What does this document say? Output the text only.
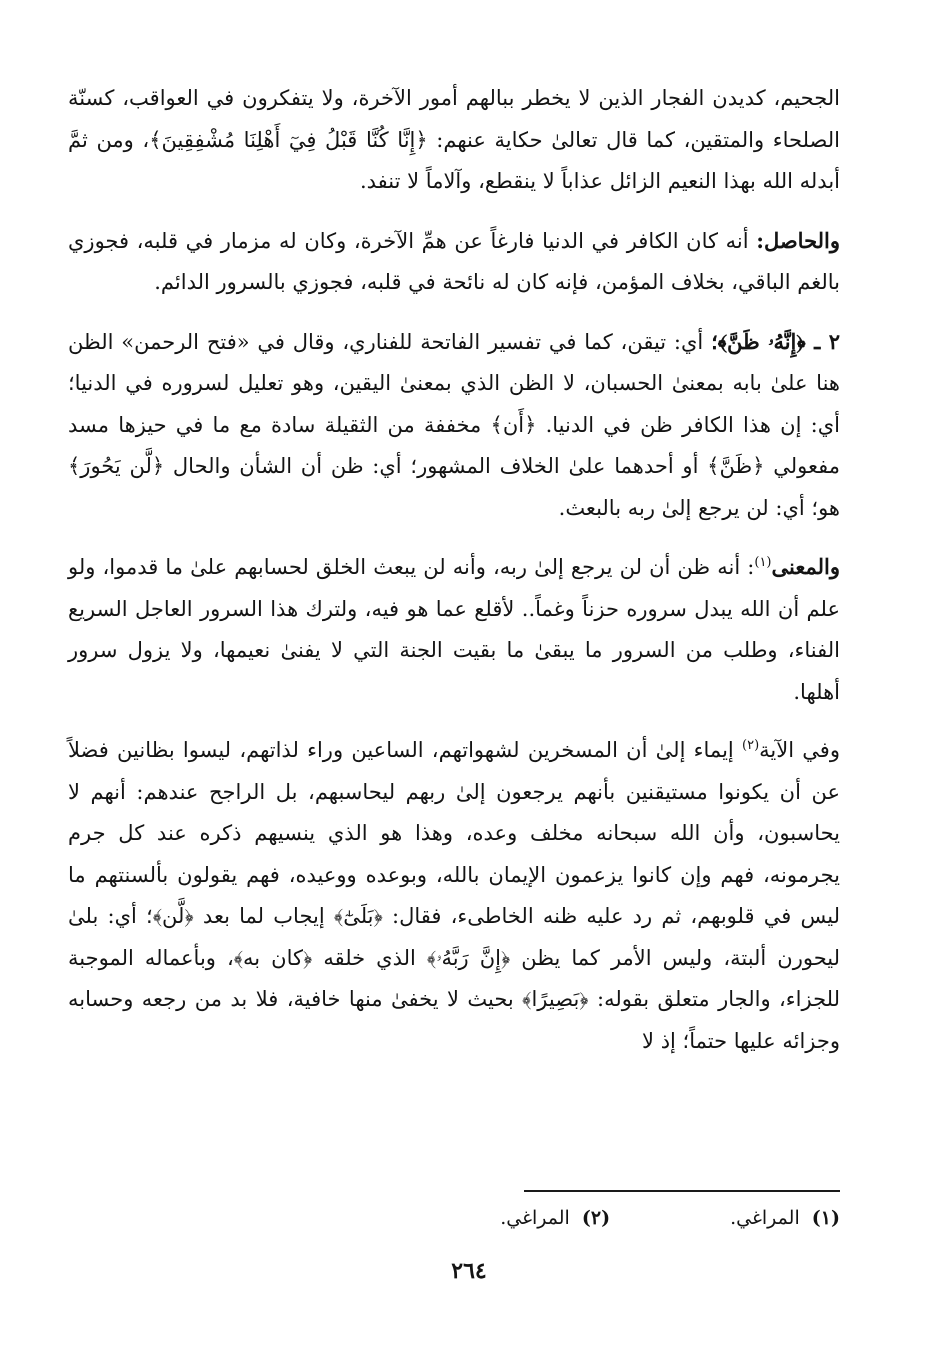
الجحيم، كديدن الفجار الذين لا يخطر ببالهم أمور الآخرة، ولا يتفكرون في العواقب، كسنّة الصلحاء والمتقين، كما قال تعالىٰ حكاية عنهم: ﴿إِنَّا كُنَّا قَبْلُ فِيٓ أَهْلِنَا مُشْفِقِينَ﴾، ومن ثمَّ أبدله الله بهذا النعيم الزائل عذاباً لا ينقطع، وآلاماً لا تنفد.

والحاصل: أنه كان الكافر في الدنيا فارغاً عن همِّ الآخرة، وكان له مزمار في قلبه، فجوزي بالغم الباقي، بخلاف المؤمن، فإنه كان له نائحة في قلبه، فجوزي بالسرور الدائم.

٢ ـ ﴿إِنَّهُۥ ظَنَّ﴾؛ أي: تيقن، كما في تفسير الفاتحة للفناري، وقال في «فتح الرحمن» الظن هنا علىٰ بابه بمعنىٰ الحسبان، لا الظن الذي بمعنىٰ اليقين، وهو تعليل لسروره في الدنيا؛ أي: إن هذا الكافر ظن في الدنيا. ﴿أَن﴾ مخففة من الثقيلة سادة مع ما في حيزها مسد مفعولي ﴿ظَنَّ﴾ أو أحدهما علىٰ الخلاف المشهور؛ أي: ظن أن الشأن والحال ﴿لَّن يَحُورَ﴾ هو؛ أي: لن يرجع إلىٰ ربه بالبعث.

والمعنى$^{(١)}$: أنه ظن أن لن يرجع إلىٰ ربه، وأنه لن يبعث الخلق لحسابهم علىٰ ما قدموا، ولو علم أن الله يبدل سروره حزناً وغماً.. لأقلع عما هو فيه، ولترك هذا السرور العاجل السريع الفناء، وطلب من السرور ما يبقىٰ ما بقيت الجنة التي لا يفنىٰ نعيمها، ولا يزول سرور أهلها.

وفي الآية$^{(٢)}$ إيماء إلىٰ أن المسخرين لشهواتهم، الساعين وراء لذاتهم، ليسوا بظانين فضلاً عن أن يكونوا مستيقنين بأنهم يرجعون إلىٰ ربهم ليحاسبهم، بل الراجح عندهم: أنهم لا يحاسبون، وأن الله سبحانه مخلف وعده، وهذا هو الذي ينسيهم ذكره عند كل جرم يجرمونه، فهم وإن كانوا يزعمون الإيمان بالله، وبوعده ووعيده، فهم يقولون بألسنتهم ما ليس في قلوبهم، ثم رد عليه ظنه الخاطىء، فقال: ﴿بَلَىٰٓ﴾ إيجاب لما بعد ﴿لَّن﴾؛ أي: بلىٰ ليحورن ألبتة، وليس الأمر كما يظن ﴿إِنَّ رَبَّهُۥ﴾ الذي خلقه ﴿كان به﴾، وبأعماله الموجبة للجزاء، والجار متعلق بقوله: ﴿بَصِيرًا﴾ بحيث لا يخفىٰ منها خافية، فلا بد من رجعه وحسابه وجزائه عليها حتماً؛ إذ لا

(١) المراغي.
(٢) المراغي.
٢٦٤
